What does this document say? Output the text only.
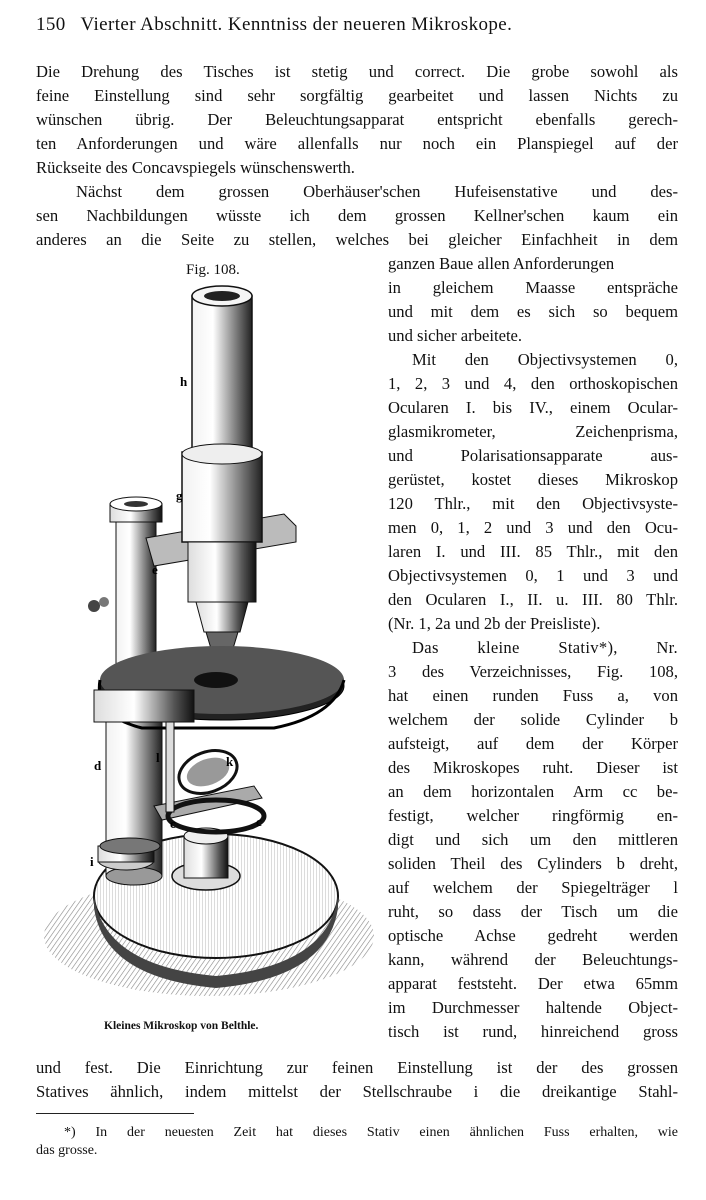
150 Vierter Abschnitt. Kenntniss der neueren Mikroskope.
Die Drehung des Tisches ist stetig und correct. Die grobe sowohl als
feine Einstellung sind sehr sorgfältig gearbeitet und lassen Nichts zu
wünschen übrig. Der Beleuchtungsapparat entspricht ebenfalls gerech-
ten Anforderungen und wäre allenfalls nur noch ein Planspiegel auf der
Rückseite des Concavspiegels wünschenswerth.
Nächst dem grossen Oberhäuser'schen Hufeisenstative und des-
sen Nachbildungen wüsste ich dem grossen Kellner'schen kaum ein
anderes an die Seite zu stellen, welches bei gleicher Einfachheit in dem
Fig. 108.	ganzen Baue allen Anforderungen
in gleichem Maasse entspräche
und mit dem es sich so bequem
und sicher arbeitete.
Mit den Objectivsystemen 0,
1, 2, 3 und 4, den orthoskopischen
Ocularen I. bis IV., einem Ocular-
glasmikrometer, Zeichenprisma,
und Polarisationsapparate aus-
gerüstet, kostet dieses Mikroskop
120 Thlr., mit den Objectivsyste-
men 0, 1, 2 und 3 und den Ocu-
laren I. und III. 85 Thlr., mit den
Objectivsystemen 0, 1 und 3 und
den Ocularen I., II. u. III. 80 Thlr.
(Nr. 1, 2a und 2b der Preisliste).
Das kleine Stativ*), Nr.
3 des Verzeichnisses, Fig. 108,
hat einen runden Fuss a, von
welchem der solide Cylinder b
aufsteigt, auf dem der Körper
des Mikroskopes ruht. Dieser ist
an dem horizontalen Arm cc be-
festigt, welcher ringförmig en-
digt und sich um den mittleren
soliden Theil des Cylinders b dreht,
auf welchem der Spiegelträger l
ruht, so dass der Tisch um die
optische Achse gedreht werden
kann, während der Beleuchtungs-
apparat feststeht. Der etwa 65mm
im Durchmesser haltende Object-
tisch ist rund, hinreichend gross
h
g
e
d
l	k
c	c
i
Kleines Mikroskop von Belthle.
und fest. Die Einrichtung zur feinen Einstellung ist der des grossen
Statives ähnlich, indem mittelst der Stellschraube i die dreikantige Stahl-
*) In der neuesten Zeit hat dieses Stativ einen ähnlichen Fuss erhalten, wie
das grosse.
